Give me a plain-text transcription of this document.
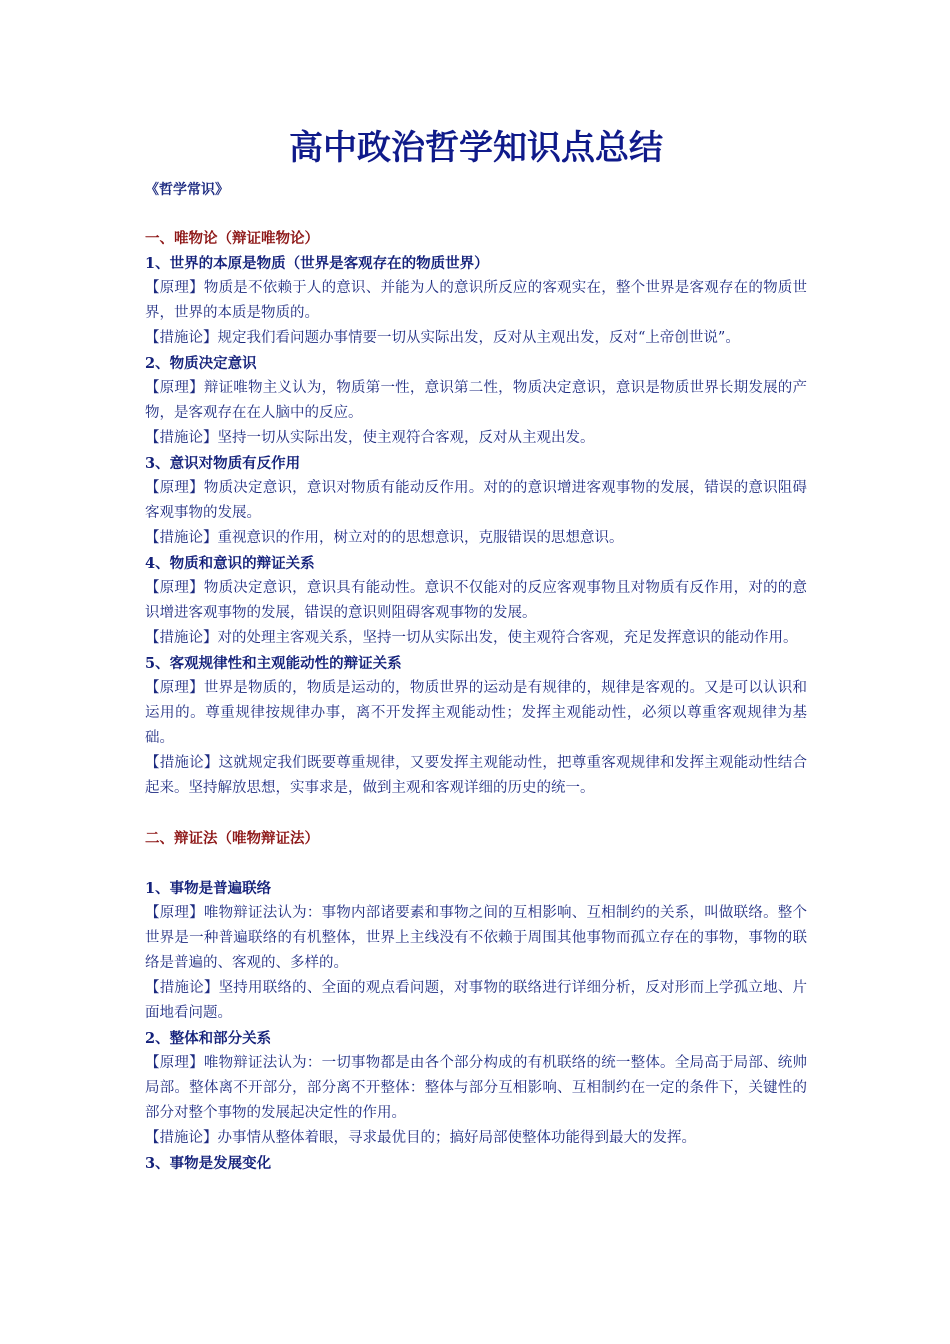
高中政治哲学知识点总结

《哲学常识》

一、唯物论（辩证唯物论）

1、世界的本原是物质（世界是客观存在的物质世界）

【原理】物质是不依赖于人的意识、并能为人的意识所反应的客观实在，整个世界是客观存在的物质世界，世界的本质是物质的。

【措施论】规定我们看问题办事情要一切从实际出发，反对从主观出发，反对“上帝创世说”。

2、物质决定意识

【原理】辩证唯物主义认为，物质第一性，意识第二性，物质决定意识，意识是物质世界长期发展的产物，是客观存在在人脑中的反应。

【措施论】坚持一切从实际出发，使主观符合客观，反对从主观出发。

3、意识对物质有反作用

【原理】物质决定意识，意识对物质有能动反作用。对的的意识增进客观事物的发展，错误的意识阻碍客观事物的发展。

【措施论】重视意识的作用，树立对的的思想意识，克服错误的思想意识。

4、物质和意识的辩证关系

【原理】物质决定意识，意识具有能动性。意识不仅能对的反应客观事物且对物质有反作用，对的的意识增进客观事物的发展，错误的意识则阻碍客观事物的发展。

【措施论】对的处理主客观关系，坚持一切从实际出发，使主观符合客观，充足发挥意识的能动作用。

5、客观规律性和主观能动性的辩证关系

【原理】世界是物质的，物质是运动的，物质世界的运动是有规律的，规律是客观的。又是可以认识和运用的。尊重规律按规律办事，离不开发挥主观能动性；发挥主观能动性，必须以尊重客观规律为基础。

【措施论】这就规定我们既要尊重规律，又要发挥主观能动性，把尊重客观规律和发挥主观能动性结合起来。坚持解放思想，实事求是，做到主观和客观详细的历史的统一。

二、辩证法（唯物辩证法）

1、事物是普遍联络

【原理】唯物辩证法认为：事物内部诸要素和事物之间的互相影响、互相制约的关系，叫做联络。整个世界是一种普遍联络的有机整体，世界上主线没有不依赖于周围其他事物而孤立存在的事物，事物的联络是普遍的、客观的、多样的。

【措施论】坚持用联络的、全面的观点看问题，对事物的联络进行详细分析，反对形而上学孤立地、片面地看问题。

2、整体和部分关系

【原理】唯物辩证法认为：一切事物都是由各个部分构成的有机联络的统一整体。全局高于局部、统帅局部。整体离不开部分，部分离不开整体：整体与部分互相影响、互相制约在一定的条件下，关键性的部分对整个事物的发展起决定性的作用。

【措施论】办事情从整体着眼，寻求最优目的；搞好局部使整体功能得到最大的发挥。

3、事物是发展变化
